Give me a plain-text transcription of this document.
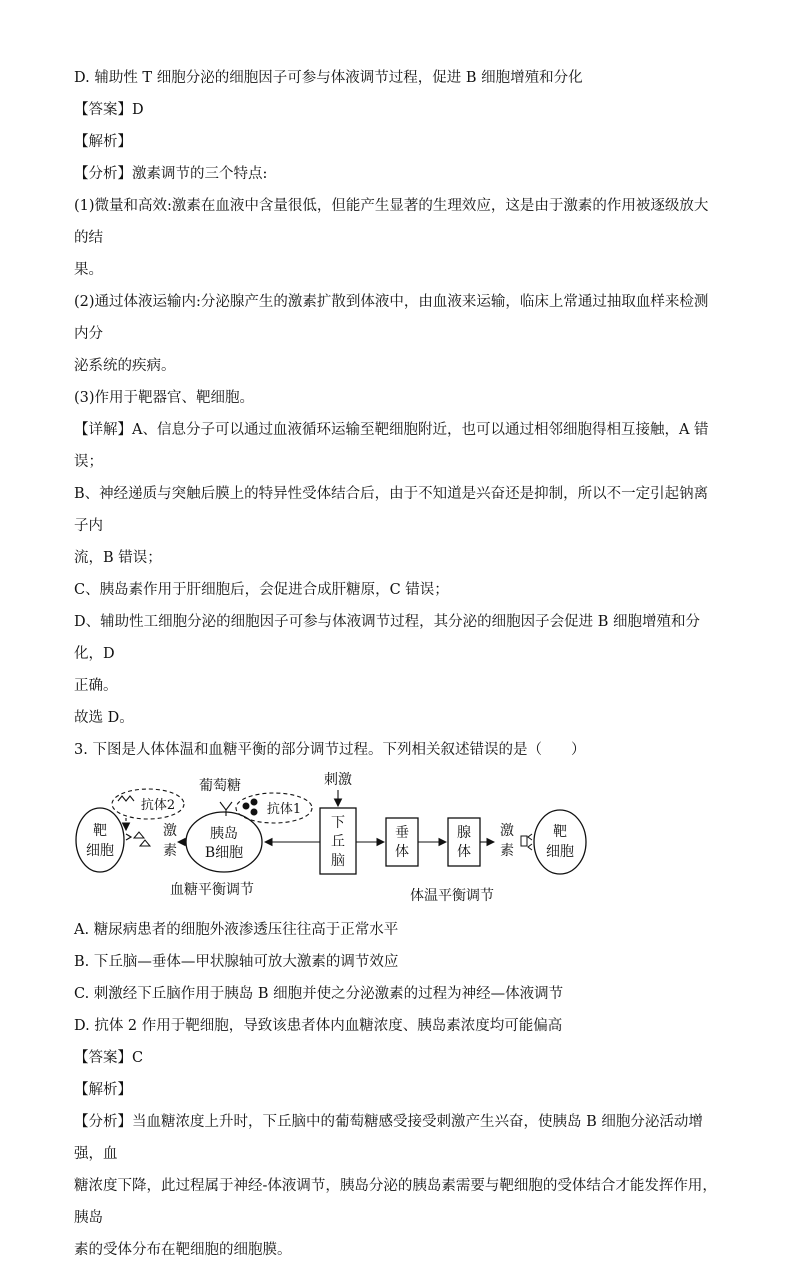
D. 辅助性 T 细胞分泌的细胞因子可参与体液调节过程，促进 B 细胞增殖和分化

【答案】D

【解析】

【分析】激素调节的三个特点:

(1)微量和高效:激素在血液中含量很低，但能产生显著的生理效应，这是由于激素的作用被逐级放大的结

果。

(2)通过体液运输内:分泌腺产生的激素扩散到体液中，由血液来运输，临床上常通过抽取血样来检测内分

泌系统的疾病。

(3)作用于靶器官、靶细胞。

【详解】A、信息分子可以通过血液循环运输至靶细胞附近，也可以通过相邻细胞得相互接触，A 错误；

B、神经递质与突触后膜上的特异性受体结合后，由于不知道是兴奋还是抑制，所以不一定引起钠离子内

流，B 错误；

C、胰岛素作用于肝细胞后，会促进合成肝糖原，C 错误；

D、辅助性工细胞分泌的细胞因子可参与体液调节过程，其分泌的细胞因子会促进 B 细胞增殖和分化，D

正确。

故选 D。

3. 下图是人体体温和血糖平衡的部分调节过程。下列相关叙述错误的是（　　）

靶
细胞
抗体2
激
素
胰岛
B细胞
葡萄糖
抗体1
下
丘
脑
刺激
垂
体
腺
体
激
素
靶
细胞
血糖平衡调节	体温平衡调节

A. 糖尿病患者的细胞外液渗透压往往高于正常水平

B. 下丘脑—垂体—甲状腺轴可放大激素的调节效应

C. 刺激经下丘脑作用于胰岛 B 细胞并使之分泌激素的过程为神经—体液调节

D. 抗体 2 作用于靶细胞，导致该患者体内血糖浓度、胰岛素浓度均可能偏高

【答案】C

【解析】

【分析】当血糖浓度上升时，下丘脑中的葡萄糖感受接受刺激产生兴奋，使胰岛 B 细胞分泌活动增强，血

糖浓度下降，此过程属于神经-体液调节，胰岛分泌的胰岛素需要与靶细胞的受体结合才能发挥作用，胰岛

素的受体分布在靶细胞的细胞膜。
